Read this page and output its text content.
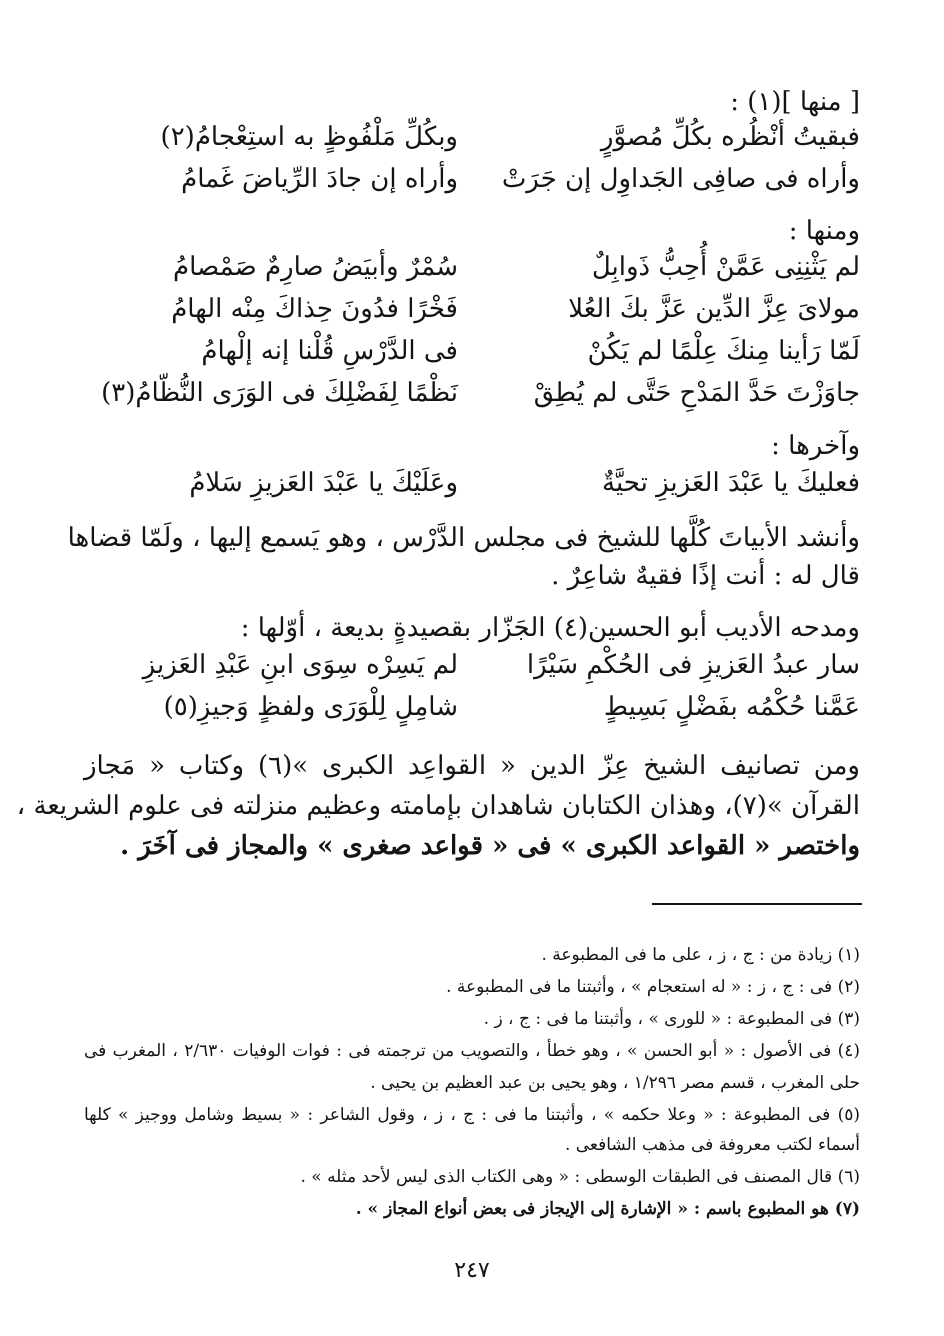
[ منها ](١) :
فبقيتُ أنْظُره بكُلِّ مُصوَّرٍ
وبكُلِّ مَلْفُوظٍ به استِعْجامُ(٢)
وأراه فى صافِى الجَداوِل إن جَرَتْ
وأراه إن جادَ الرِّياضَ غَمامُ
ومنها :
لم يَثْنِنِى عَمَّنْ أُحِبُّ ذَوابِلٌ
سُمْرٌ وأبيَضُ صارِمٌ صَمْصامُ
مولاىَ عِزَّ الدِّين عَزَّ بكَ العُلا
فَخْرًا فدُونَ حِذاكَ مِنْه الهامُ
لَمّا رَأينا مِنكَ عِلْمًا لم يَكُنْ
فى الدَّرْسِ قُلْنا إنه إلْهامُ
جاوَزْتَ حَدَّ المَدْحِ حَتَّى لم يُطِقْ
نَظْمًا لِفَضْلِكَ فى الوَرَى النُّظّامُ(٣)
وآخرها :
فعليكَ يا عَبْدَ العَزيزِ تحيَّةٌ
وعَلَيْكَ يا عَبْدَ العَزيزِ سَلامُ
وأنشد الأبياتَ كُلَّها للشيخ فى مجلس الدَّرْس ، وهو يَسمع إليها ، ولَمّا قضاها
قال له : أنت إذًا فقيهٌ شاعِرٌ .
ومدحه الأديب أبو الحسين(٤) الجَزّار بقصيدةٍ بديعة ، أوّلها :
سار عبدُ العَزيزِ فى الحُكْمِ سَيْرًا
لم يَسِرْه سِوَى ابنِ عَبْدِ العَزيزِ
عَمَّنا حُكْمُه بفَضْلٍ بَسِيطٍ
شامِلٍ لِلْوَرَى ولفظٍ وَجيزِ(٥)
ومن تصانيف الشيخ عِزّ الدين « القواعِد الكبرى »(٦) وكتاب « مَجاز
القرآن »(٧)، وهذان الكتابان شاهدان بإمامته وعظيم منزلته فى علوم الشريعة ،
واختصر « القواعد الكبرى » فى « قواعد صغرى » والمجاز فى آخَرَ .
(١) زيادة من : ج ، ز ، على ما فى المطبوعة .
(٢) فى : ج ، ز : « له استعجام » ، وأثبتنا ما فى المطبوعة .
(٣) فى المطبوعة : « للورى » ، وأثبتنا ما فى : ج ، ز .
(٤) فى الأصول : « أبو الحسن » ، وهو خطأ ، والتصويب من ترجمته فى : فوات الوفيات ٢/٦٣٠ ، المغرب فى
حلى المغرب ، قسم مصر ١/٢٩٦ ، وهو يحيى بن عبد العظيم بن يحيى .
(٥) فى المطبوعة : « وعلا حكمه » ، وأثبتنا ما فى : ج ، ز ، وقول الشاعر : « بسيط وشامل ووجيز » كلها
أسماء لكتب معروفة فى مذهب الشافعى .
(٦) قال المصنف فى الطبقات الوسطى : « وهى الكتاب الذى ليس لأحد مثله » .
(٧) هو المطبوع باسم : « الإشارة إلى الإيجاز فى بعض أنواع المجاز » .
٢٤٧
